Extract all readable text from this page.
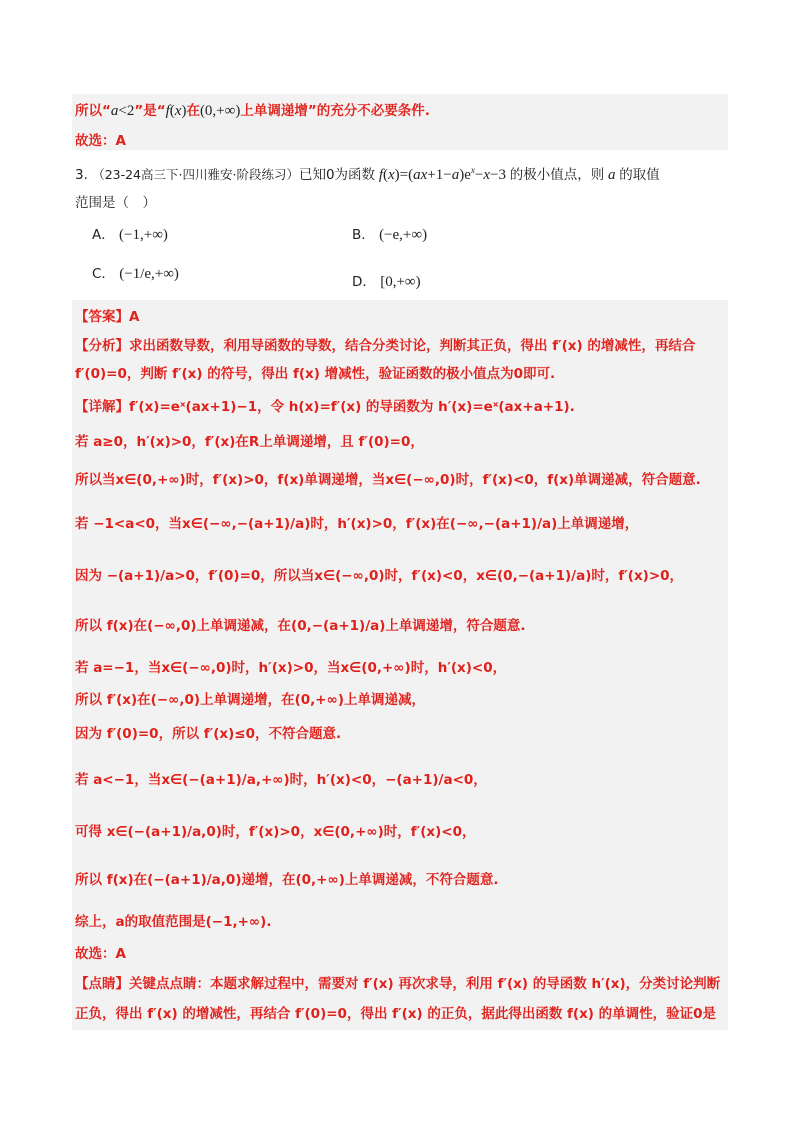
所以“a<2”是“f(x)在(0,+∞)上单调递增”的充分不必要条件.
故选：A
3. （23-24高三下·四川雅安·阶段练习）已知0为函数 $f(x)=(ax+1-a)e^x-x-3$ 的极小值点，则 a 的取值
范围是（　）
A． (−1,+∞)	B． (−e,+∞)
C． (−1/e,+∞)	D． [0,+∞)
【答案】A
【分析】求出函数导数，利用导函数的导数，结合分类讨论，判断其正负，得出 f′(x) 的增减性，再结合
f′(0)=0，判断 f′(x) 的符号，得出 f(x) 增减性，验证函数的极小值点为0即可.
【详解】f′(x)=eˣ(ax+1)−1，令 h(x)=f′(x) 的导函数为 h′(x)=eˣ(ax+a+1).
若 a≥0，h′(x)>0，f′(x)在R上单调递增，且 f′(0)=0，
所以当x∈(0,+∞)时，f′(x)>0，f(x)单调递增，当x∈(−∞,0)时，f′(x)<0，f(x)单调递减，符合题意.
若 −1<a<0，当x∈(−∞,−(a+1)/a)时，h′(x)>0，f′(x)在(−∞,−(a+1)/a)上单调递增，
因为 −(a+1)/a>0，f′(0)=0，所以当x∈(−∞,0)时，f′(x)<0，x∈(0,−(a+1)/a)时，f′(x)>0，
所以 f(x)在(−∞,0)上单调递减，在(0,−(a+1)/a)上单调递增，符合题意.
若 a=−1，当x∈(−∞,0)时，h′(x)>0，当x∈(0,+∞)时，h′(x)<0，
所以 f′(x)在(−∞,0)上单调递增，在(0,+∞)上单调递减，
因为 f′(0)=0，所以 f′(x)≤0，不符合题意.
若 a<−1，当x∈(−(a+1)/a,+∞)时，h′(x)<0，−(a+1)/a<0，
可得 x∈(−(a+1)/a,0)时，f′(x)>0，x∈(0,+∞)时，f′(x)<0，
所以 f(x)在(−(a+1)/a,0)递增，在(0,+∞)上单调递减，不符合题意.
综上，a的取值范围是(−1,+∞).
故选：A
【点睛】关键点点睛：本题求解过程中，需要对 f′(x) 再次求导，利用 f′(x) 的导函数 h′(x)，分类讨论判断
正负，得出 f′(x) 的增减性，再结合 f′(0)=0，得出 f′(x) 的正负，据此得出函数 f(x) 的单调性，验证0是
